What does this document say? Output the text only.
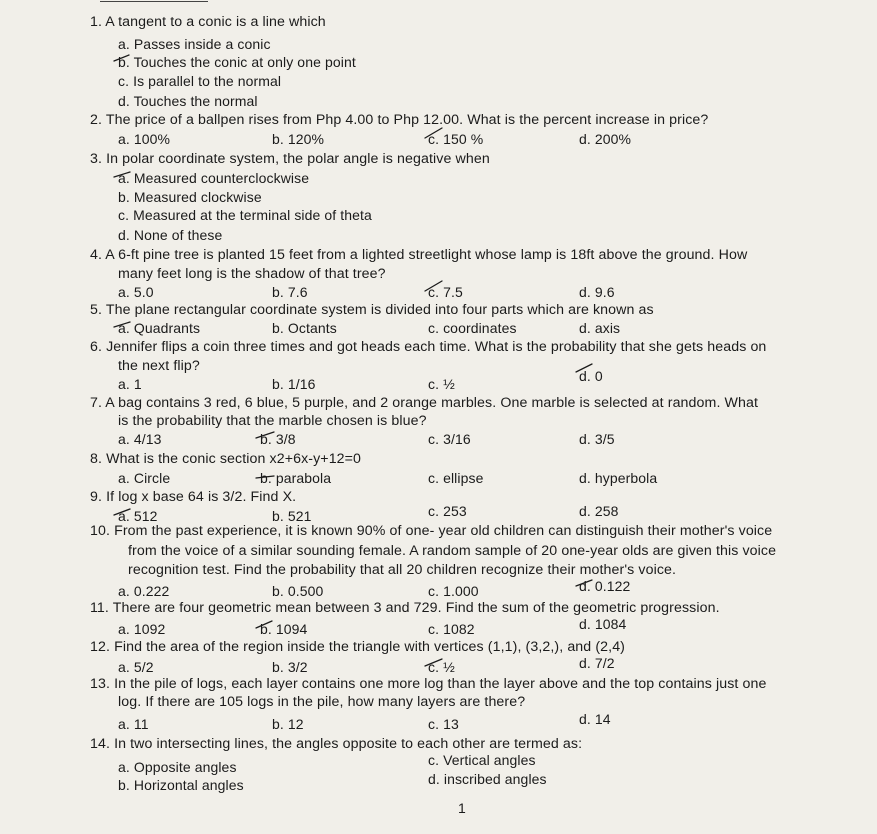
1. A tangent to a conic is a line which
a. Passes inside a conic
b. Touches the conic at only one point
c. Is parallel to the normal
d. Touches the normal
2. The price of a ballpen rises from Php 4.00 to Php 12.00. What is the percent increase in price?
a. 100%	b. 120%	c. 150 %	d. 200%
3. In polar coordinate system, the polar angle is negative when
a. Measured counterclockwise
b. Measured clockwise
c. Measured at the terminal side of theta
d. None of these
4. A 6-ft pine tree is planted 15 feet from a lighted streetlight whose lamp is 18ft above the ground. How
many feet long is the shadow of that tree?
a. 5.0	b. 7.6	c. 7.5	d. 9.6
5. The plane rectangular coordinate system is divided into four parts which are known as
a. Quadrants	b. Octants	c. coordinates	d. axis
6. Jennifer flips a coin three times and got heads each time. What is the probability that she gets heads on
the next flip?
a. 1	b. 1/16	c. ½	d. 0
7. A bag contains 3 red, 6 blue, 5 purple, and 2 orange marbles. One marble is selected at random. What
is the probability that the marble chosen is blue?
a. 4/13	b. 3/8	c. 3/16	d. 3/5
8. What is the conic section x2+6x-y+12=0
a. Circle	b. parabola	c. ellipse	d. hyperbola
9. If log x base 64 is 3/2. Find X.
a. 512	b. 521	c. 253	d. 258
10. From the past experience, it is known 90% of one- year old children can distinguish their mother's voice
from the voice of a similar sounding female. A random sample of 20 one-year olds are given this voice
recognition test. Find the probability that all 20 children recognize their mother's voice.
a. 0.222	b. 0.500	c. 1.000	d. 0.122
11. There are four geometric mean between 3 and 729. Find the sum of the geometric progression.
a. 1092	b. 1094	c. 1082	d. 1084
12. Find the area of the region inside the triangle with vertices (1,1), (3,2,), and (2,4)
a. 5/2	b. 3/2	c. ½	d. 7/2
13. In the pile of logs, each layer contains one more log than the layer above and the top contains just one
log. If there are 105 logs in the pile, how many layers are there?
a. 11	b. 12	c. 13	d. 14
14. In two intersecting lines, the angles opposite to each other are termed as:
a. Opposite angles
b. Horizontal angles
c. Vertical angles
d. inscribed angles
1
